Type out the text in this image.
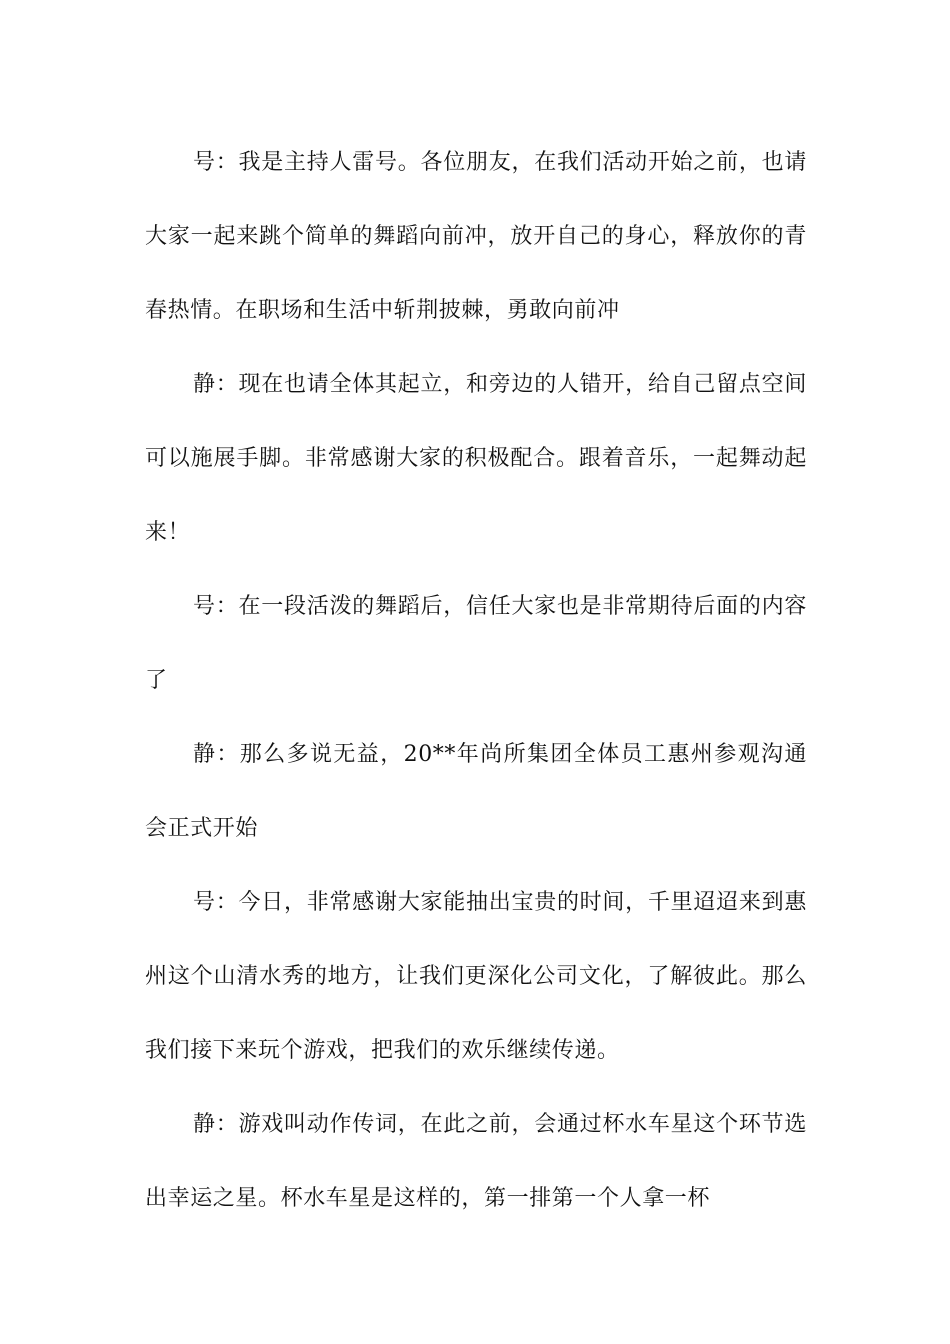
号：我是主持人雷号。各位朋友，在我们活动开始之前，也请大家一起来跳个简单的舞蹈向前冲，放开自己的身心，释放你的青春热情。在职场和生活中斩荆披棘，勇敢向前冲

静：现在也请全体其起立，和旁边的人错开，给自己留点空间可以施展手脚。非常感谢大家的积极配合。跟着音乐，一起舞动起来！

号：在一段活泼的舞蹈后，信任大家也是非常期待后面的内容了

静：那么多说无益，20**年尚所集团全体员工惠州参观沟通会正式开始

号：今日，非常感谢大家能抽出宝贵的时间，千里迢迢来到惠州这个山清水秀的地方，让我们更深化公司文化，了解彼此。那么我们接下来玩个游戏，把我们的欢乐继续传递。

静：游戏叫动作传词，在此之前，会通过杯水车星这个环节选出幸运之星。杯水车星是这样的，第一排第一个人拿一杯
